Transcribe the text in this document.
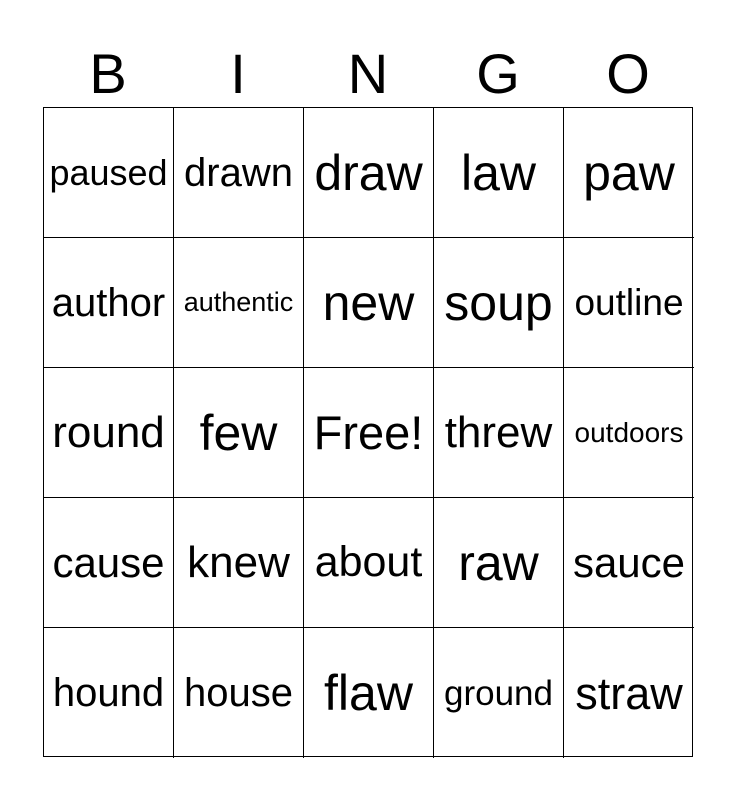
B	I	N	G	O
paused drawn draw law paw
author authentic new soup outline
round few Free! threw outdoors
cause knew about raw sauce
hound house flaw ground straw
